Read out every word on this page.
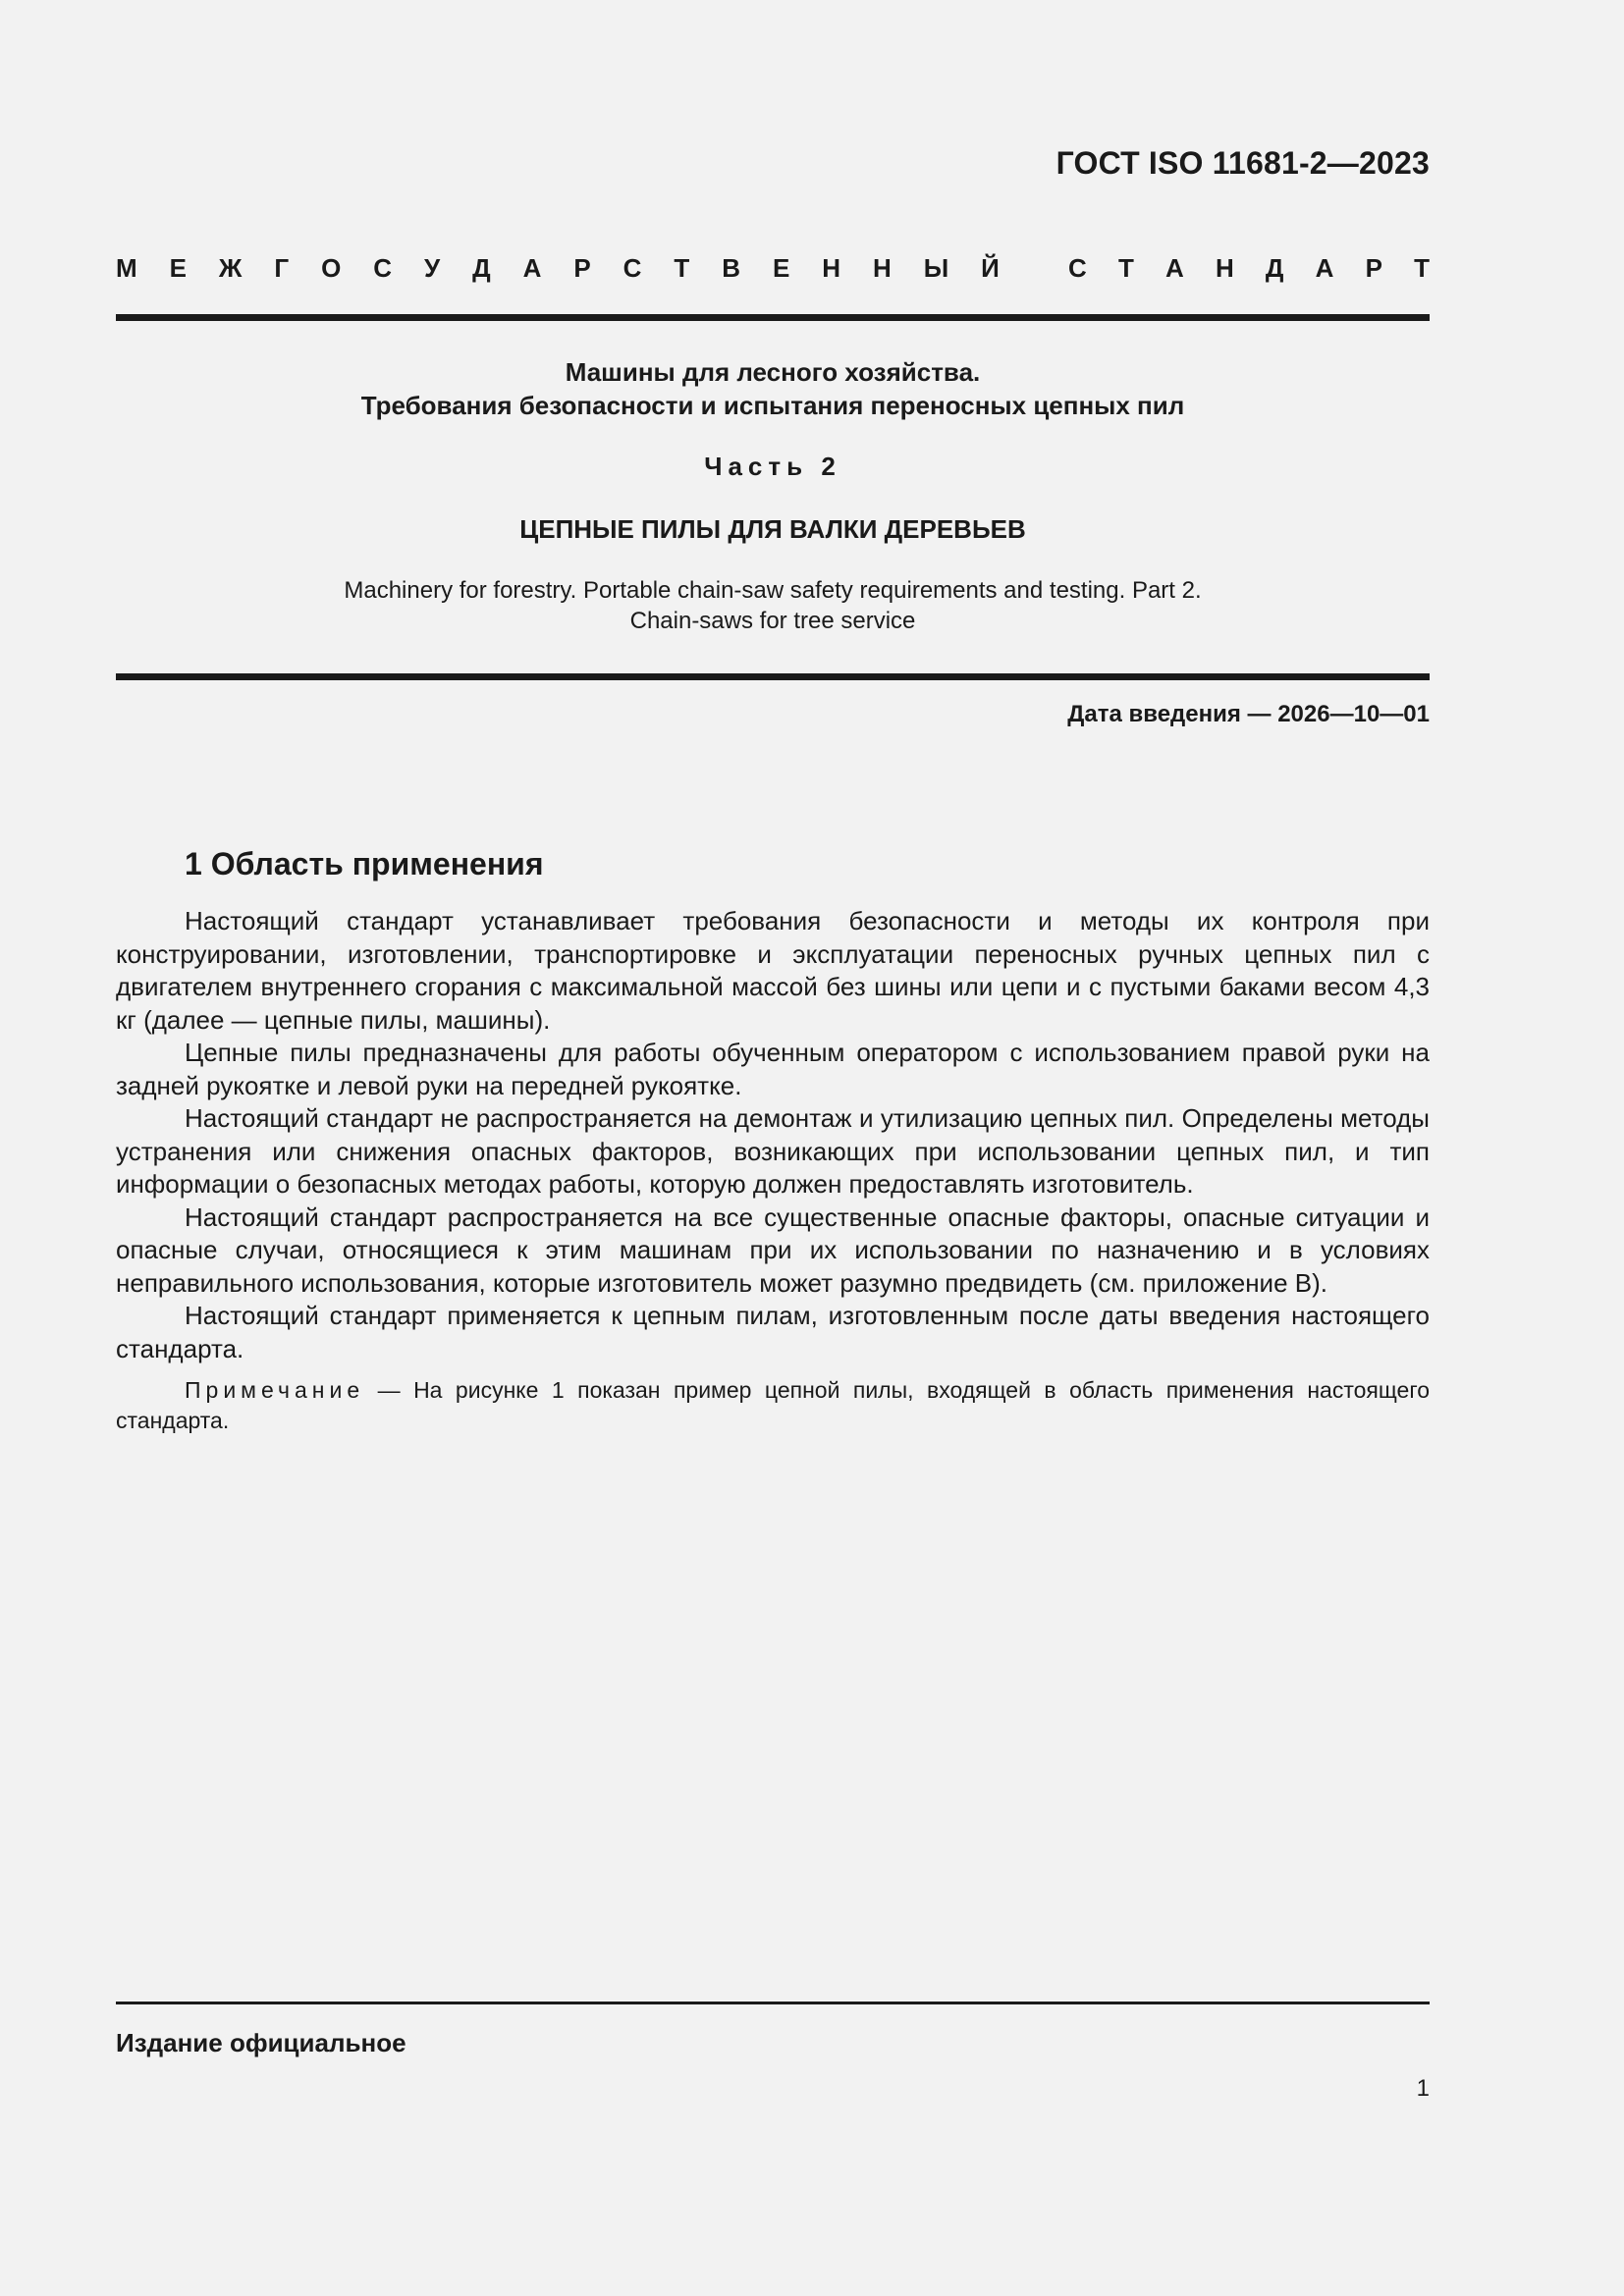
ГОСТ ISO 11681-2—2023
М Е Ж Г О С У Д А Р С Т В Е Н Н Ы Й	С Т А Н Д А Р Т
Машины для лесного хозяйства.
Требования безопасности и испытания переносных цепных пил
Часть 2
ЦЕПНЫЕ ПИЛЫ ДЛЯ ВАЛКИ ДЕРЕВЬЕВ
Machinery for forestry. Portable chain-saw safety requirements and testing. Part 2.
Chain-saws for tree service
Дата введения — 2026—10—01
1 Область применения

Настоящий стандарт устанавливает требования безопасности и методы их контроля при конструировании, изготовлении, транспортировке и эксплуатации переносных ручных цепных пил с двигателем внутреннего сгорания с максимальной массой без шины или цепи и с пустыми баками весом 4,3 кг (далее — цепные пилы, машины).

Цепные пилы предназначены для работы обученным оператором с использованием правой руки на задней рукоятке и левой руки на передней рукоятке.

Настоящий стандарт не распространяется на демонтаж и утилизацию цепных пил. Определены методы устранения или снижения опасных факторов, возникающих при использовании цепных пил, и тип информации о безопасных методах работы, которую должен предоставлять изготовитель.

Настоящий стандарт распространяется на все существенные опасные факторы, опасные ситуации и опасные случаи, относящиеся к этим машинам при их использовании по назначению и в условиях неправильного использования, которые изготовитель может разумно предвидеть (см. приложение B).

Настоящий стандарт применяется к цепным пилам, изготовленным после даты введения настоящего стандарта.

Примечание — На рисунке 1 показан пример цепной пилы, входящей в область применения настоящего стандарта.

Издание официальное
1
